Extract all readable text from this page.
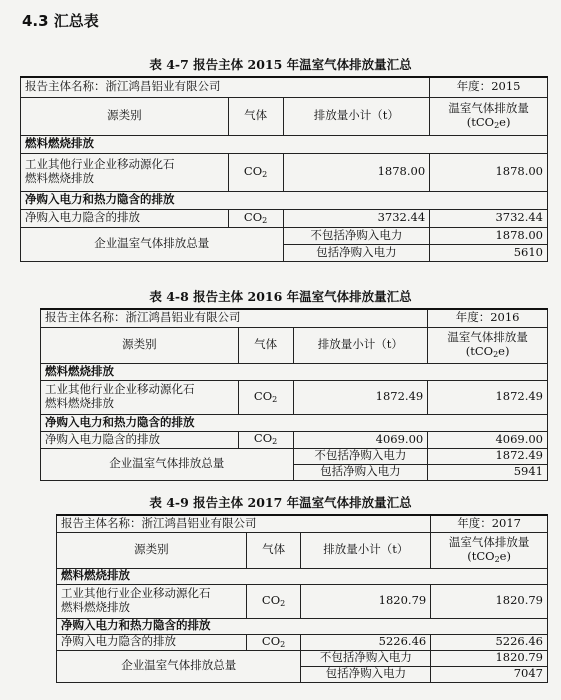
4.3 汇总表
表 4-7 报告主体 2015 年温室气体排放量汇总
报告主体名称：浙江鸿昌铝业有限公司			年度：2015
源类别	气体	排放量小计（t）	温室气体排放量
(tCO$_2$e)

燃料燃烧排放			

工业其他行业企业移动源化石
燃料燃烧排放	$CO_2$	1878.00	1878.00
净购入电力和热力隐含的排放			
净购入电力隐含的排放	$CO_2$	3732.44	3732.44
企业温室气体排放总量		不包括净购入电力	1878.00
		包括净购入电力	5610
表 4-8 报告主体 2016 年温室气体排放量汇总
报告主体名称：浙江鸿昌铝业有限公司			年度：2016
源类别	气体	排放量小计（t）	温室气体排放量
(tCO$_2$e)

燃料燃烧排放			

工业其他行业企业移动源化石
燃料燃烧排放	$CO_2$	1872.49	1872.49
净购入电力和热力隐含的排放			
净购入电力隐含的排放	$CO_2$	4069.00	4069.00
企业温室气体排放总量		不包括净购入电力	1872.49
		包括净购入电力	5941
表 4-9 报告主体 2017 年温室气体排放量汇总
报告主体名称：浙江鸿昌铝业有限公司			年度：2017
源类别	气体	排放量小计（t）	温室气体排放量
(tCO$_2$e)

燃料燃烧排放			

工业其他行业企业移动源化石
燃料燃烧排放	$CO_2$	1820.79	1820.79
净购入电力和热力隐含的排放			
净购入电力隐含的排放	$CO_2$	5226.46	5226.46
企业温室气体排放总量		不包括净购入电力	1820.79
		包括净购入电力	7047
